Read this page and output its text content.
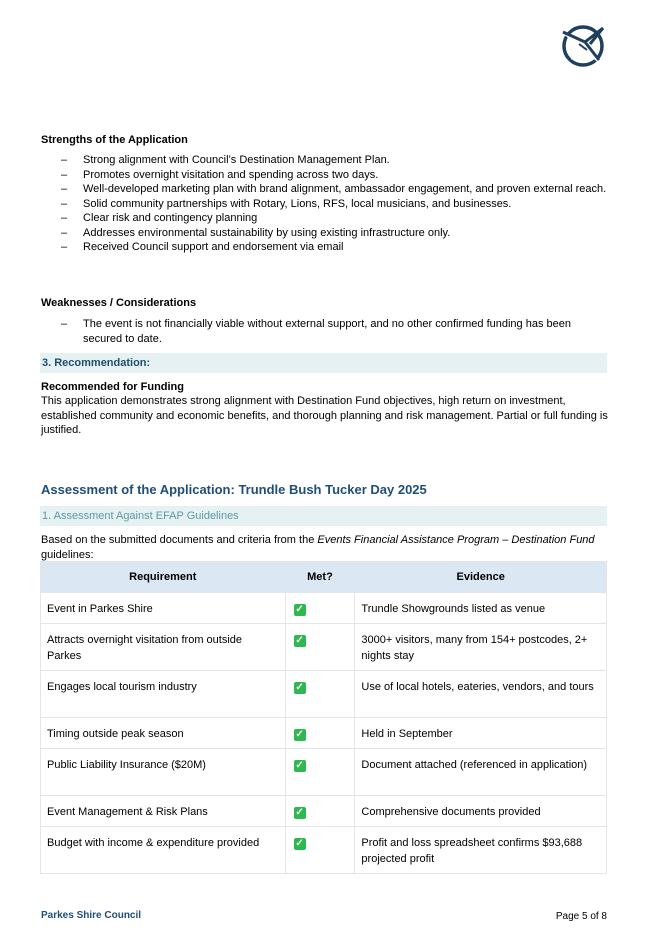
Strengths of the Application
– Strong alignment with Council’s Destination Management Plan.
– Promotes overnight visitation and spending across two days.
– Well-developed marketing plan with brand alignment, ambassador engagement, and proven external reach.
– Solid community partnerships with Rotary, Lions, RFS, local musicians, and businesses.
– Clear risk and contingency planning
– Addresses environmental sustainability by using existing infrastructure only.
– Received Council support and endorsement via email
Weaknesses / Considerations
– The event is not financially viable without external support, and no other confirmed funding has been secured to date.
3. Recommendation:
Recommended for Funding
This application demonstrates strong alignment with Destination Fund objectives, high return on investment, established community and economic benefits, and thorough planning and risk management. Partial or full funding is justified.
Assessment of the Application: Trundle Bush Tucker Day 2025
1. Assessment Against EFAP Guidelines
Based on the submitted documents and criteria from the Events Financial Assistance Program – Destination Fund guidelines:
Requirement	Met?	Evidence
Event in Parkes Shire	✓	Trundle Showgrounds listed as venue
Attracts overnight visitation from outside Parkes	✓	3000+ visitors, many from 154+ postcodes, 2+ nights stay
Engages local tourism industry	✓	Use of local hotels, eateries, vendors, and tours
Timing outside peak season	✓	Held in September
Public Liability Insurance ($20M)	✓	Document attached (referenced in application)
Event Management & Risk Plans	✓	Comprehensive documents provided
Budget with income & expenditure provided	✓	Profit and loss spreadsheet confirms $93,688 projected profit
Parkes Shire Council	Page 5 of 8
